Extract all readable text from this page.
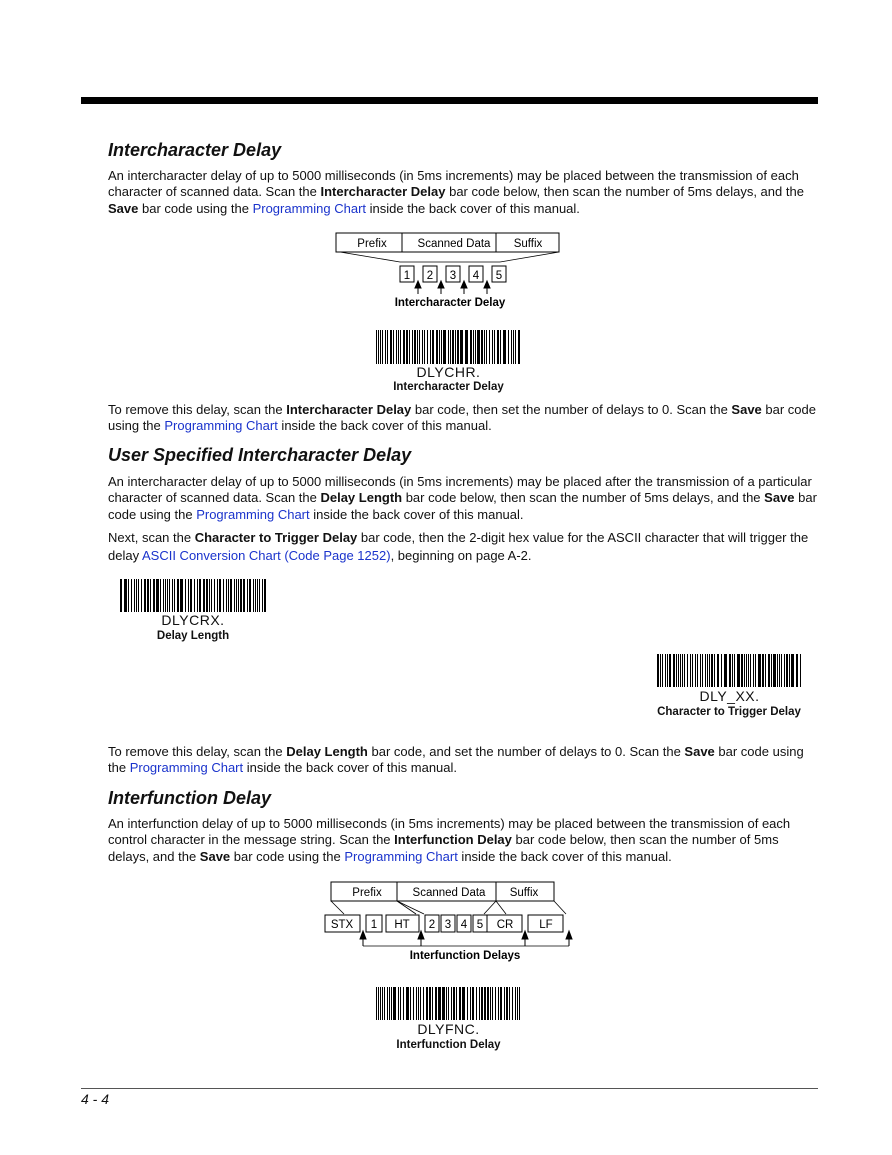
Intercharacter Delay

An intercharacter delay of up to 5000 milliseconds (in 5ms increments) may be placed between the transmission of each character of scanned data. Scan the Intercharacter Delay bar code below, then scan the number of 5ms delays, and the Save bar code using the Programming Chart inside the back cover of this manual.

Prefix	Scanned Data Suffix
1 2 3 4 5
Intercharacter Delay
DLYCHR.
Intercharacter Delay

To remove this delay, scan the Intercharacter Delay bar code, then set the number of delays to 0. Scan the Save bar code using the Programming Chart inside the back cover of this manual.

User Specified Intercharacter Delay

An intercharacter delay of up to 5000 milliseconds (in 5ms increments) may be placed after the transmission of a particular character of scanned data. Scan the Delay Length bar code below, then scan the number of 5ms delays, and the Save bar code using the Programming Chart inside the back cover of this manual.

Next, scan the Character to Trigger Delay bar code, then the 2-digit hex value for the ASCII character that will trigger the delay ASCII Conversion Chart (Code Page 1252), beginning on page A-2.

DLYCRX.
Delay Length
DLY_XX.
Character to Trigger Delay

To remove this delay, scan the Delay Length bar code, and set the number of delays to 0. Scan the Save bar code using the Programming Chart inside the back cover of this manual.

Interfunction Delay

An interfunction delay of up to 5000 milliseconds (in 5ms increments) may be placed between the transmission of each control character in the message string. Scan the Interfunction Delay bar code below, then scan the number of 5ms delays, and the Save bar code using the Programming Chart inside the back cover of this manual.

Prefix	Scanned Data Suffix
STX 1 HT 2 3 4 5 CR LF
Interfunction Delays
DLYFNC.
Interfunction Delay
4 - 4
